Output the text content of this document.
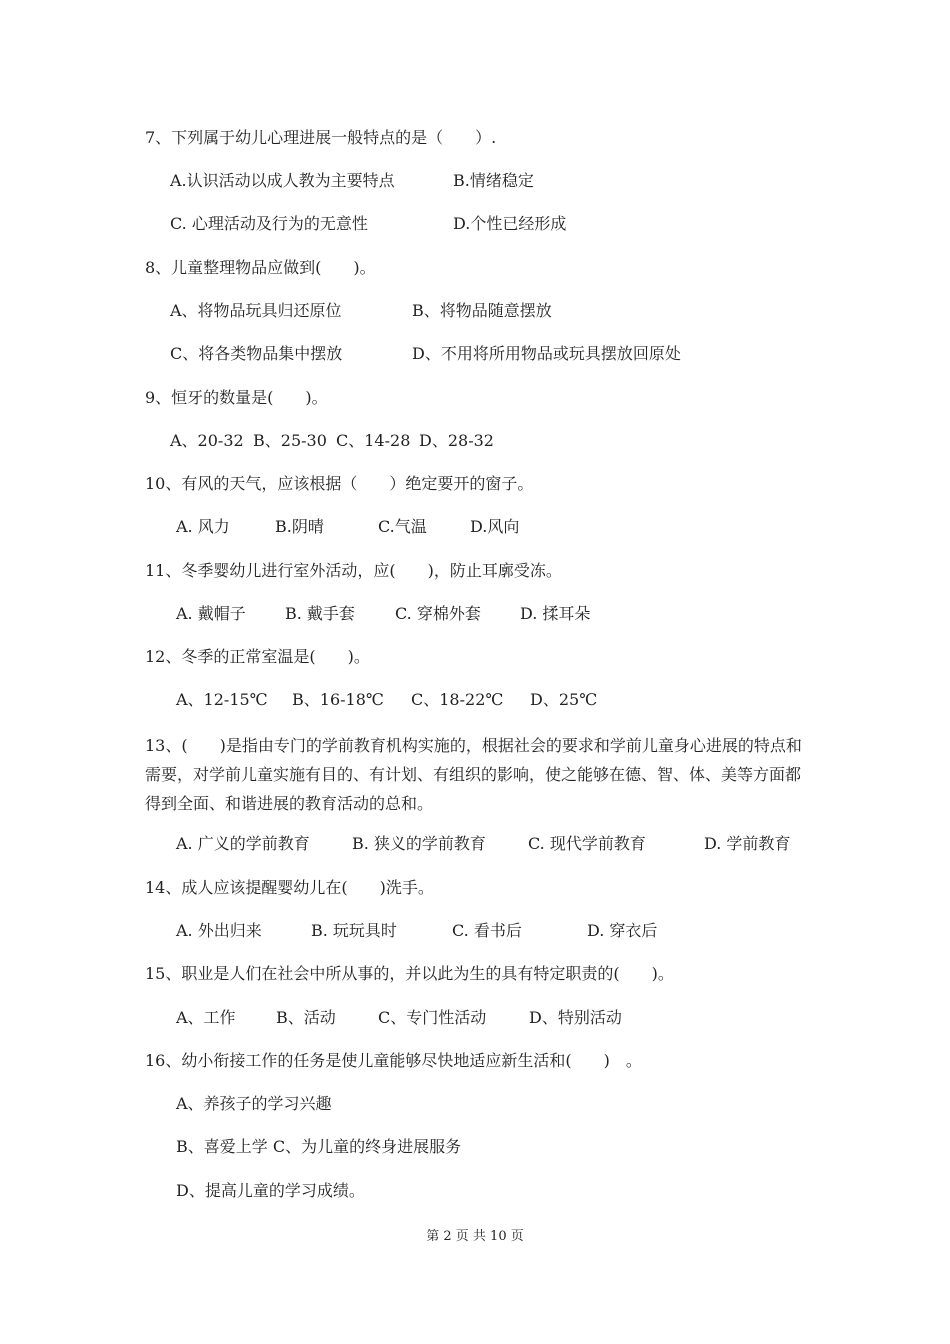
7、下列属于幼儿心理进展一般特点的是（　　）.
A.认识活动以成人教为主要特点	B.情绪稳定
C. 心理活动及行为的无意性	D.个性已经形成
8、儿童整理物品应做到(　　)。
A、将物品玩具归还原位	B、将物品随意摆放
C、将各类物品集中摆放	D、不用将所用物品或玩具摆放回原处
9、恒牙的数量是(　　)。
A、20-32 B、25-30 C、14-28 D、28-32
10、有风的天气，应该根据（　　）绝定要开的窗子。
A. 风力	B.阴晴	C.气温	D.风向
11、冬季婴幼儿进行室外活动，应(　　)，防止耳廓受冻。
A. 戴帽子 B. 戴手套	C. 穿棉外套 D. 揉耳朵
12、冬季的正常室温是(　　)。
A、12-15℃ B、16-18℃ C、18-22℃ D、25℃
13、(　　)是指由专门的学前教育机构实施的，根据社会的要求和学前儿童身心进展的特点和需要，对学前儿童实施有目的、有计划、有组织的影响，使之能够在德、智、体、美等方面都得到全面、和谐进展的教育活动的总和。
A. 广义的学前教育	B. 狭义的学前教育	C. 现代学前教育	D. 学前教育
14、成人应该提醒婴幼儿在(　　)洗手。
A. 外出归来	B. 玩玩具时	C. 看书后	D. 穿衣后
15、职业是人们在社会中所从事的，并以此为生的具有特定职责的(　　)。
A、工作	B、活动	C、专门性活动	D、特别活动
16、幼小衔接工作的任务是使儿童能够尽快地适应新生活和(　　)　。
A、养孩子的学习兴趣
B、喜爱上学 C、为儿童的终身进展服务
D、提高儿童的学习成绩。
第 2 页 共 10 页
